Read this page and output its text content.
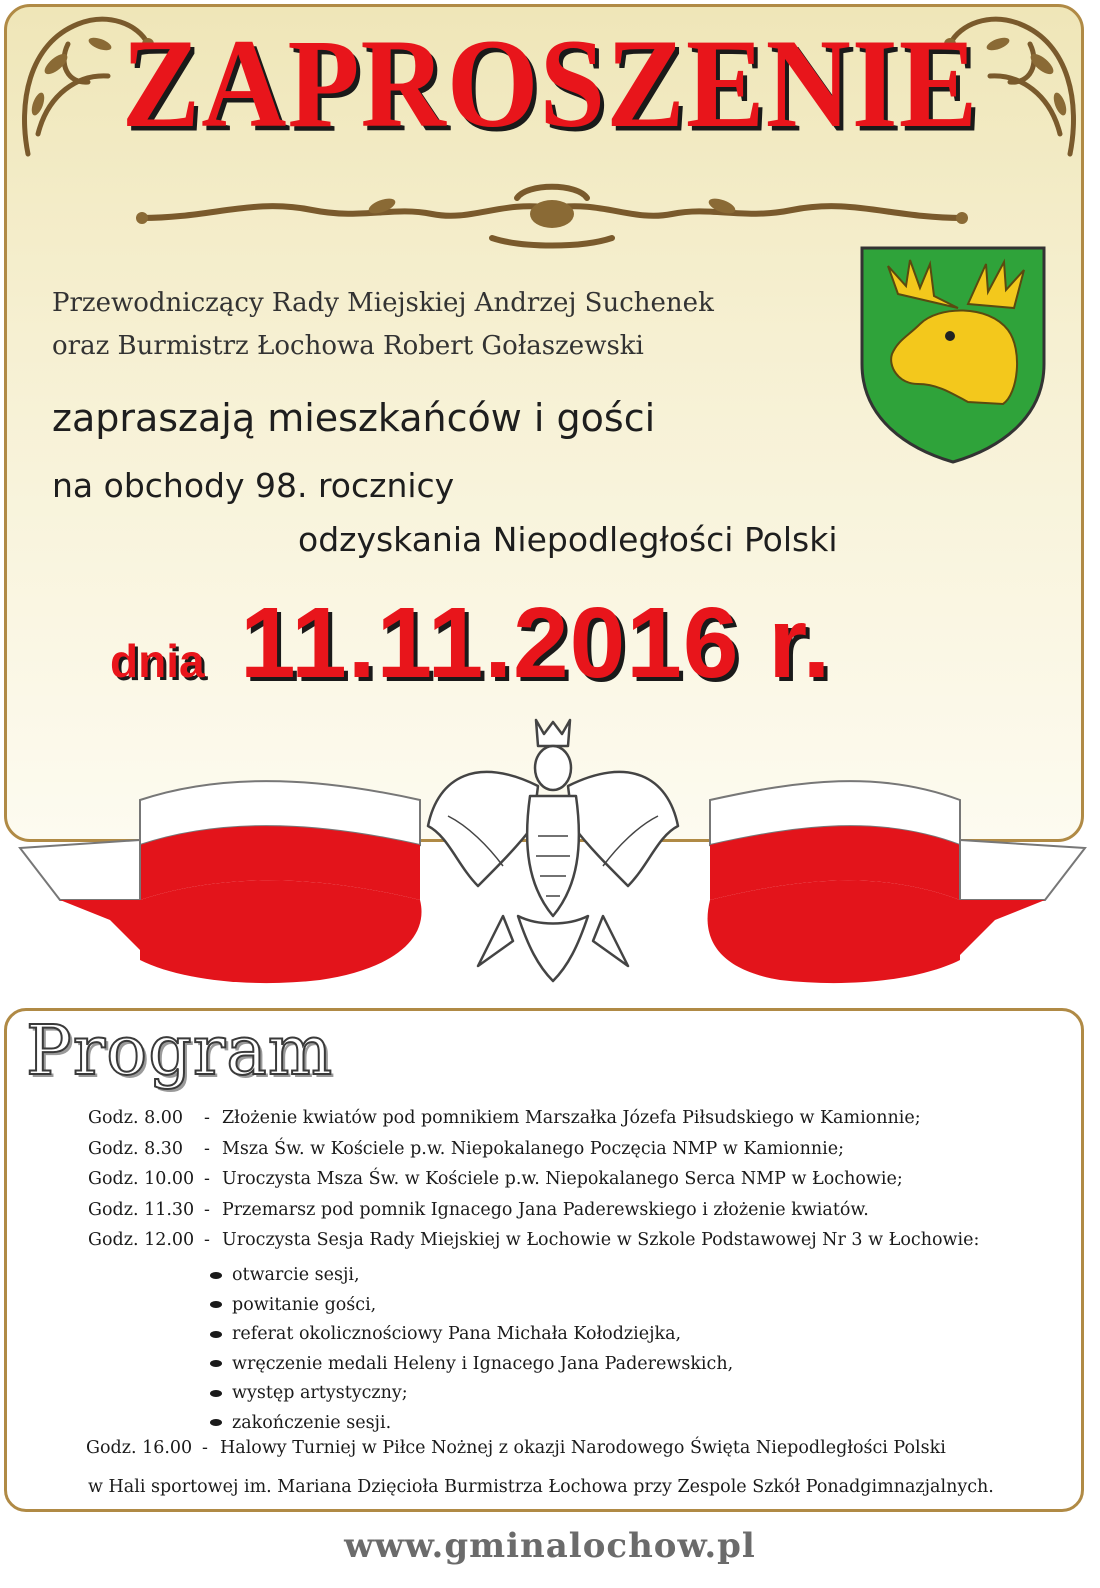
ZAPROSZENIE
Przewodniczący Rady Miejskiej Andrzej Suchenek
oraz Burmistrz Łochowa Robert Gołaszewski
zapraszają mieszkańców i gości
na obchody 98. rocznicy
odzyskania Niepodległości Polski
dnia 11.11.2016 r.
Program
Godz. 8.00	- Złożenie kwiatów pod pomnikiem Marszałka Józefa Piłsudskiego w Kamionnie;
Godz. 8.30	- Msza Św. w Kościele p.w. Niepokalanego Poczęcia NMP w Kamionnie;
Godz. 10.00 - Uroczysta Msza Św. w Kościele p.w. Niepokalanego Serca NMP w Łochowie;
Godz. 11.30 - Przemarsz pod pomnik Ignacego Jana Paderewskiego i złożenie kwiatów.
Godz. 12.00 - Uroczysta Sesja Rady Miejskiej w Łochowie w Szkole Podstawowej Nr 3 w Łochowie:
otwarcie sesji,
powitanie gości,
referat okolicznościowy Pana Michała Kołodziejka,
wręczenie medali Heleny i Ignacego Jana Paderewskich,
występ artystyczny;
zakończenie sesji.
Godz. 16.00 - Halowy Turniej w Piłce Nożnej z okazji Narodowego Święta Niepodległości Polski
w Hali sportowej im. Mariana Dzięcioła Burmistrza Łochowa przy Zespole Szkół Ponadgimnazjalnych.
www.gminalochow.pl
